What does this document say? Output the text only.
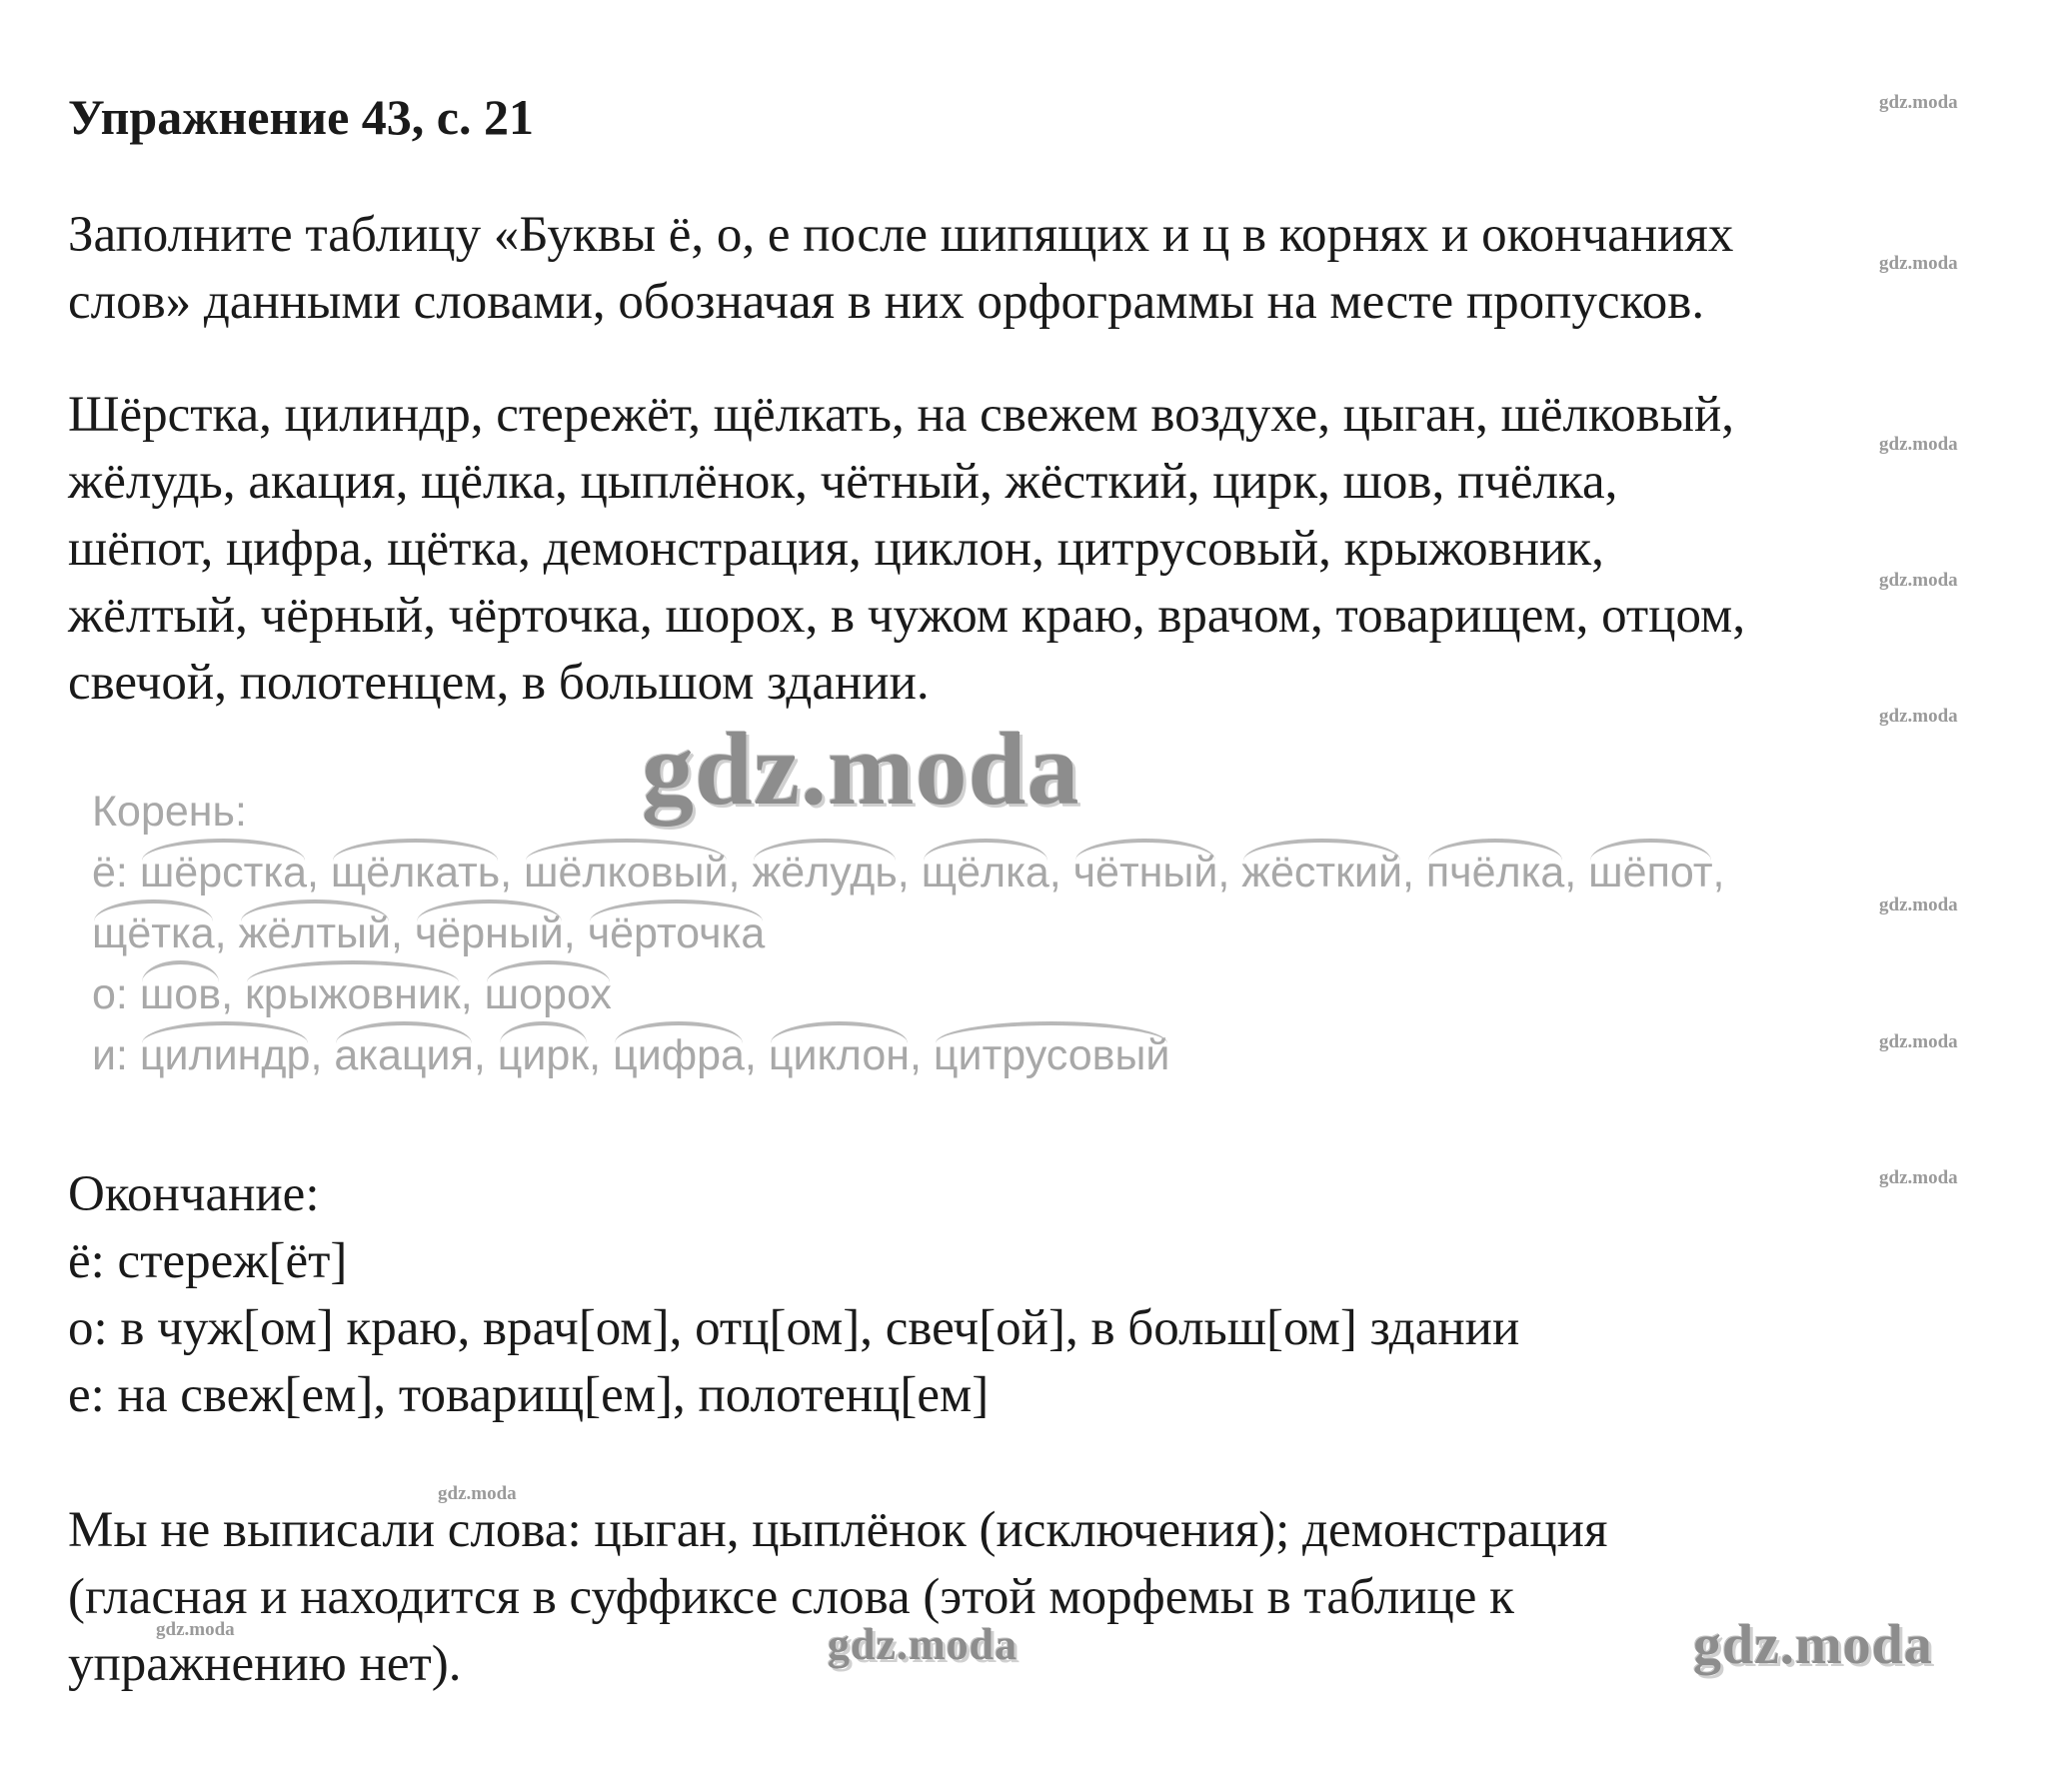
Упражнение 43, с. 21
Заполните таблицу «Буквы ё, о, е после шипящих и ц в корнях и окончаниях
слов» данными словами, обозначая в них орфограммы на месте пропусков.
Шёрстка, цилиндр, стережёт, щёлкать, на свежем воздухе, цыган, шёлковый,
жёлудь, акация, щёлка, цыплёнок, чётный, жёсткий, цирк, шов, пчёлка,
шёпот, цифра, щётка, демонстрация, циклон, цитрусовый, крыжовник,
жёлтый, чёрный, чёрточка, шорох, в чужом краю, врачом, товарищем, отцом,
свечой, полотенцем, в большом здании.
Корень:
ё: шёрстка, щёлкать, шёлковый, жёлудь, щёлка, чётный, жёсткий, пчёлка, шёпот,
щётка, жёлтый, чёрный, чёрточка
о: шов, крыжовник, шорох
и: цилиндр, акация, цирк, цифра, циклон, цитрусовый
Окончание:
ё: стереж[ёт]
о: в чуж[ом] краю, врач[ом], отц[ом], свеч[ой], в больш[ом] здании
е: на свеж[ем], товарищ[ем], полотенц[ем]
Мы не выписали слова: цыган, цыплёнок (исключения); демонстрация
(гласная и находится в суффиксе слова (этой морфемы в таблице к
упражнению нет).
gdz.moda
gdz.moda
gdz.moda
gdz.moda
gdz.moda
gdz.moda
gdz.moda
gdz.moda
gdz.moda
gdz.moda
gdz.moda
gdz.moda	gdz.moda
